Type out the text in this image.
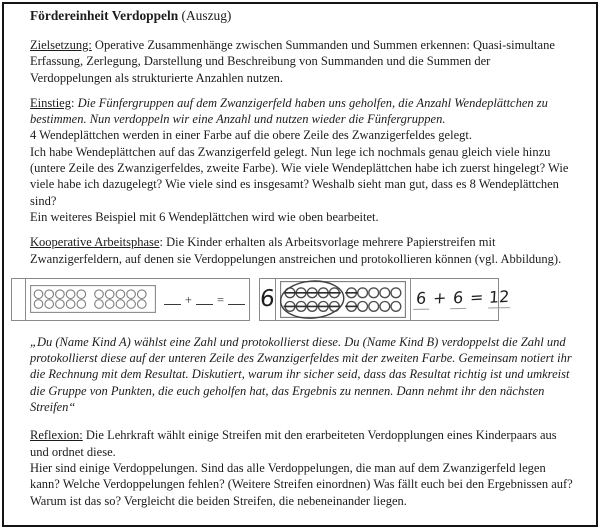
Fördereinheit Verdoppeln (Auszug)

Zielsetzung: Operative Zusammenhänge zwischen Summanden und Summen erkennen: Quasi-simultane Erfassung, Zerlegung, Darstellung und Beschreibung von Summanden und die Summen der Verdoppelungen als strukturierte Anzahlen nutzen.

Einstieg: Die Fünfergruppen auf dem Zwanzigerfeld haben uns geholfen, die Anzahl Wendeplättchen zu bestimmen. Nun verdoppeln wir eine Anzahl und nutzen wieder die Fünfergruppen.
4 Wendeplättchen werden in einer Farbe auf die obere Zeile des Zwanzigerfeldes gelegt.
Ich habe Wendeplättchen auf das Zwanzigerfeld gelegt. Nun lege ich nochmals genau gleich viele hinzu (untere Zeile des Zwanzigerfeldes, zweite Farbe). Wie viele Wendeplättchen habe ich zuerst hingelegt? Wie viele habe ich dazugelegt? Wie viele sind es insgesamt? Weshalb sieht man gut, dass es 8 Wendeplättchen sind?
Ein weiteres Beispiel mit 6 Wendeplättchen wird wie oben bearbeitet.

Kooperative Arbeitsphase: Die Kinder erhalten als Arbeitsvorlage mehrere Papierstreifen mit Zwanzigerfeldern, auf denen sie Verdoppelungen anstreichen und protokollieren können (vgl. Abbildung).

+ = 6	6 + 6 = 12

„Du (Name Kind A) wählst eine Zahl und protokollierst diese. Du (Name Kind B) verdoppelst die Zahl und protokollierst diese auf der unteren Zeile des Zwanzigerfeldes mit der zweiten Farbe. Gemeinsam notiert ihr die Rechnung mit dem Resultat. Diskutiert, warum ihr sicher seid, dass das Resultat richtig ist und umkreist die Gruppe von Punkten, die euch geholfen hat, das Ergebnis zu nennen. Dann nehmt ihr den nächsten Streifen“

Reflexion: Die Lehrkraft wählt einige Streifen mit den erarbeiteten Verdopplungen eines Kinderpaars aus und ordnet diese.
Hier sind einige Verdoppelungen. Sind das alle Verdoppelungen, die man auf dem Zwanzigerfeld legen kann? Welche Verdoppelungen fehlen? (Weitere Streifen einordnen) Was fällt euch bei den Ergebnissen auf? Warum ist das so? Vergleicht die beiden Streifen, die nebeneinander liegen.
